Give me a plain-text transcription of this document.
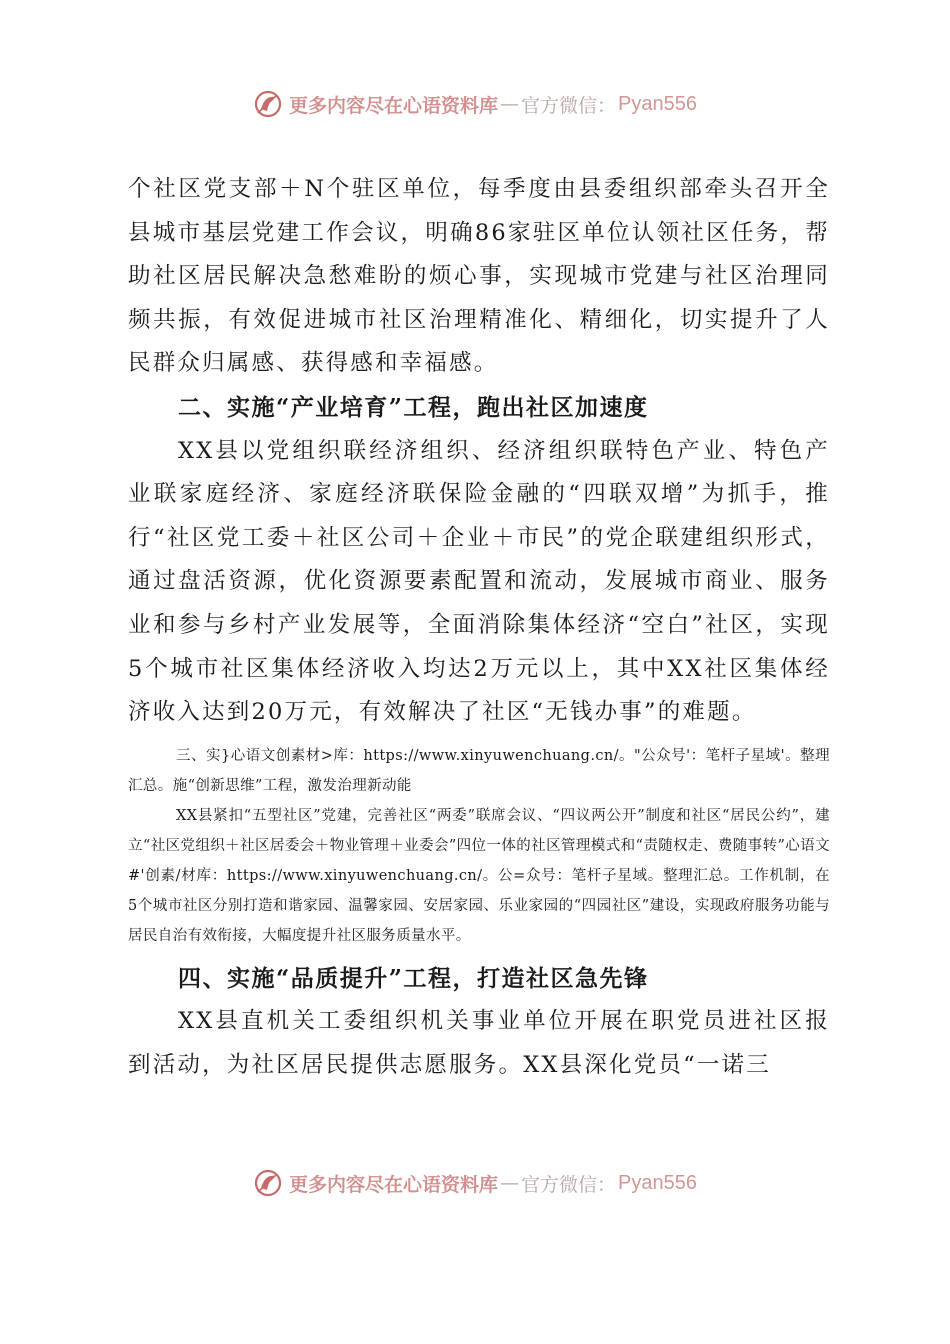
更多内容尽在心语资料库 — 官方微信： Pyan556

个社区党支部＋N个驻区单位，每季度由县委组织部牵头召开全县城市基层党建工作会议，明确86家驻区单位认领社区任务，帮助社区居民解决急愁难盼的烦心事，实现城市党建与社区治理同频共振，有效促进城市社区治理精准化、精细化，切实提升了人民群众归属感、获得感和幸福感。

二、实施“产业培育”工程，跑出社区加速度

XX县以党组织联经济组织、经济组织联特色产业、特色产业联家庭经济、家庭经济联保险金融的“四联双增”为抓手，推行“社区党工委＋社区公司＋企业＋市民”的党企联建组织形式，通过盘活资源，优化资源要素配置和流动，发展城市商业、服务业和参与乡村产业发展等，全面消除集体经济“空白”社区，实现5个城市社区集体经济收入均达2万元以上，其中XX社区集体经济收入达到20万元，有效解决了社区“无钱办事”的难题。

三、实}心语文创素材>库：https://www.xinyuwenchuang.cn/。"公众号'：笔杆子星域'。整理汇总。施“创新思维”工程，激发治理新动能

XX县紧扣“五型社区”党建，完善社区“两委”联席会议、“四议两公开”制度和社区“居民公约”，建立“社区党组织＋社区居委会＋物业管理＋业委会”四位一体的社区管理模式和“责随权走、费随事转”心语文#'创素/材库：https://www.xinyuwenchuang.cn/。公=众号：笔杆子星域。整理汇总。工作机制，在5个城市社区分别打造和谐家园、温馨家园、安居家园、乐业家园的“四园社区”建设，实现政府服务功能与居民自治有效衔接，大幅度提升社区服务质量水平。

四、实施“品质提升”工程，打造社区急先锋

XX县直机关工委组织机关事业单位开展在职党员进社区报到活动，为社区居民提供志愿服务。XX县深化党员“一诺三

更多内容尽在心语资料库 — 官方微信： Pyan556
